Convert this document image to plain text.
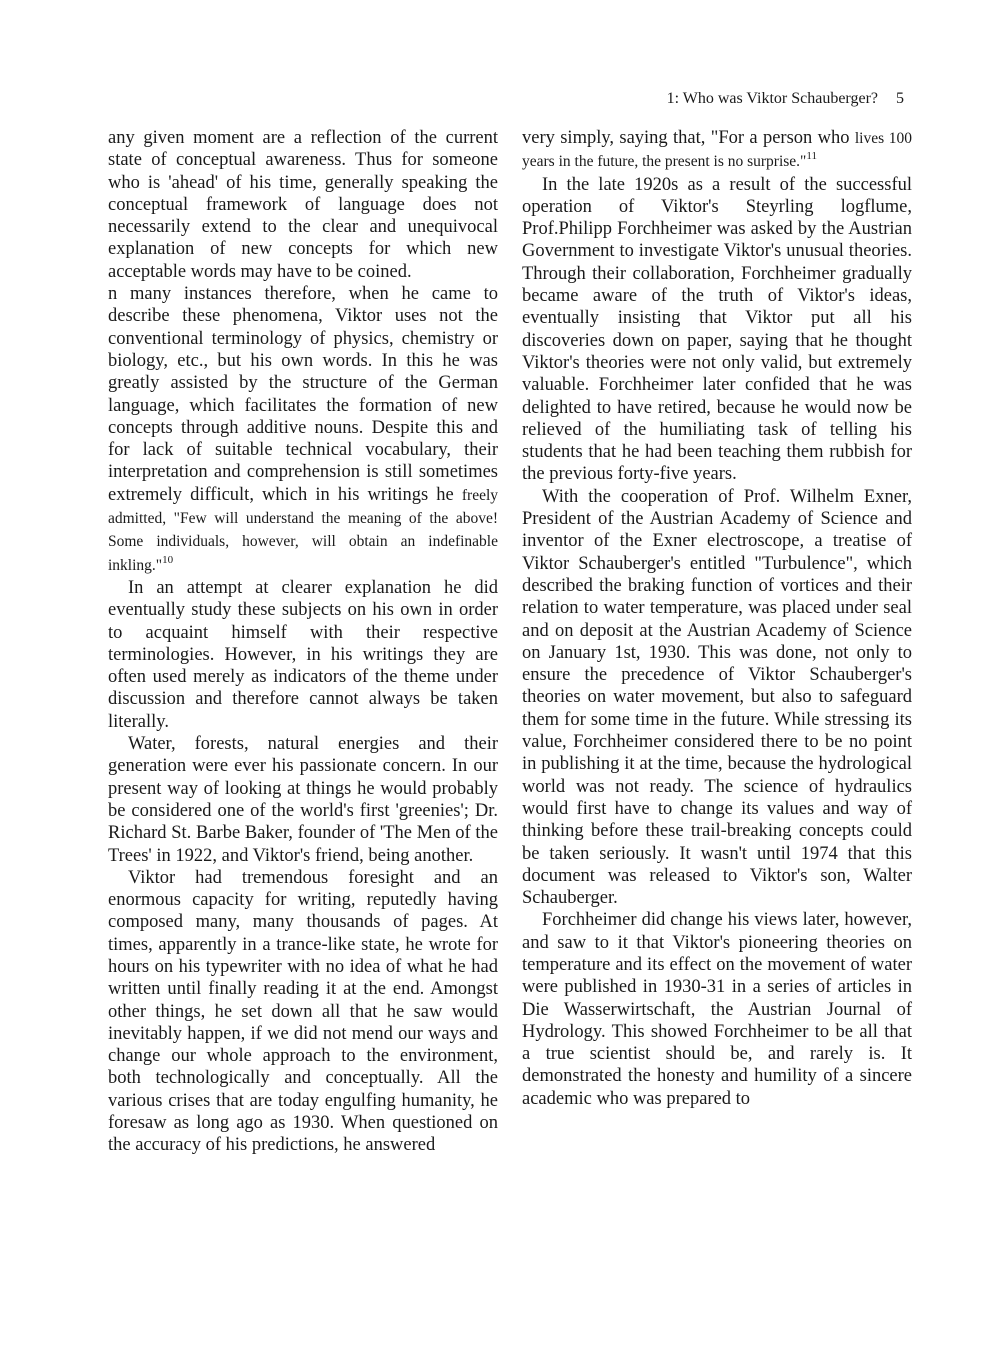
1: Who was Viktor Schauberger? 5

any given moment are a reflection of the current state of conceptual awareness. Thus for someone who is 'ahead' of his time, generally speaking the conceptual framework of language does not necessarily extend to the clear and unequivocal explanation of new concepts for which new acceptable words may have to be coined.

n many instances therefore, when he came to describe these phenomena, Viktor uses not the conventional terminology of physics, chemistry or biology, etc., but his own words. In this he was greatly assisted by the structure of the German language, which facilitates the formation of new concepts through additive nouns. Despite this and for lack of suitable technical vocabulary, their interpretation and comprehension is still sometimes extremely difficult, which in his writings he freely admitted, "Few will understand the meaning of the above! Some individuals, however, will obtain an indefinable inkling."$^{10}$

In an attempt at clearer explanation he did eventually study these subjects on his own in order to acquaint himself with their respective terminologies. However, in his writings they are often used merely as indicators of the theme under discussion and therefore cannot always be taken literally.

Water, forests, natural energies and their generation were ever his passionate concern. In our present way of looking at things he would probably be considered one of the world's first 'greenies'; Dr. Richard St. Barbe Baker, founder of 'The Men of the Trees' in 1922, and Viktor's friend, being another.

Viktor had tremendous foresight and an enormous capacity for writing, reputedly having composed many, many thousands of pages. At times, apparently in a trance-like state, he wrote for hours on his typewriter with no idea of what he had written until finally reading it at the end. Amongst other things, he set down all that he saw would inevitably happen, if we did not mend our ways and change our whole approach to the environment, both technologically and conceptually. All the various crises that are today engulfing humanity, he foresaw as long ago as 1930. When questioned on the accuracy of his predictions, he answered

very simply, saying that, "For a person who lives 100 years in the future, the present is no surprise."$^{11}$

In the late 1920s as a result of the successful operation of Viktor's Steyrling logflume, Prof.Philipp Forchheimer was asked by the Austrian Government to investigate Viktor's unusual theories. Through their collaboration, Forchheimer gradually became aware of the truth of Viktor's ideas, eventually insisting that Viktor put all his discoveries down on paper, saying that he thought Viktor's theories were not only valid, but extremely valuable. Forchheimer later confided that he was delighted to have retired, because he would now be relieved of the humiliating task of telling his students that he had been teaching them rubbish for the previous forty-five years.

With the cooperation of Prof. Wilhelm Exner, President of the Austrian Academy of Science and inventor of the Exner electroscope, a treatise of Viktor Schauberger's entitled "Turbulence", which described the braking function of vortices and their relation to water temperature, was placed under seal and on deposit at the Austrian Academy of Science on January 1st, 1930. This was done, not only to ensure the precedence of Viktor Schauberger's theories on water movement, but also to safeguard them for some time in the future. While stressing its value, Forchheimer considered there to be no point in publishing it at the time, because the hydrological world was not ready. The science of hydraulics would first have to change its values and way of thinking before these trail-breaking concepts could be taken seriously. It wasn't until 1974 that this document was released to Viktor's son, Walter Schauberger.

Forchheimer did change his views later, however, and saw to it that Viktor's pioneering theories on temperature and its effect on the movement of water were published in 1930-31 in a series of articles in Die Wasserwirtschaft, the Austrian Journal of Hydrology. This showed Forchheimer to be all that a true scientist should be, and rarely is. It demonstrated the honesty and humility of a sincere academic who was prepared to
